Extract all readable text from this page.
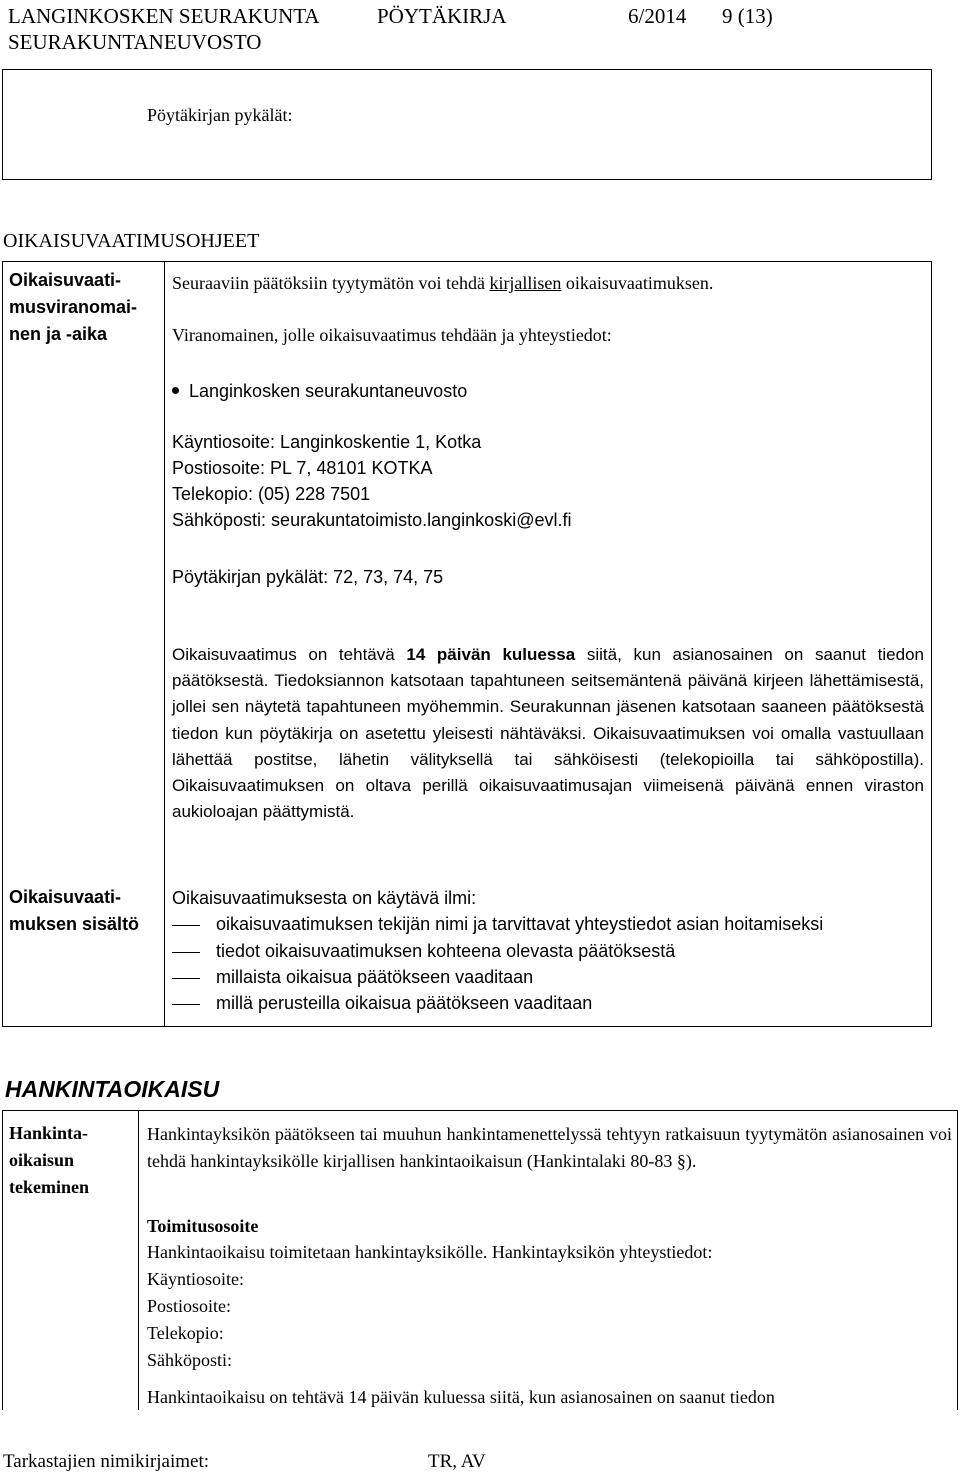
LANGINKOSKEN SEURAKUNTA	PÖYTÄKIRJA	6/2014 9 (13)
SEURAKUNTANEUVOSTO
Pöytäkirjan pykälät:
OIKAISUVAATIMUSOHJEET
Oikaisuvaati-
musviranomai-
nen ja -aika
Seuraaviin päätöksiin tyytymätön voi tehdä kirjallisen oikaisuvaatimuksen.
Viranomainen, jolle oikaisuvaatimus tehdään ja yhteystiedot:
Langinkosken seurakuntaneuvosto
Käyntiosoite: Langinkoskentie 1, Kotka
Postiosoite: PL 7, 48101 KOTKA
Telekopio: (05) 228 7501
Sähköposti: seurakuntatoimisto.langinkoski@evl.fi
Pöytäkirjan pykälät: 72, 73, 74, 75
Oikaisuvaatimus on tehtävä 14 päivän kuluessa siitä, kun asianosainen on saanut tiedon päätöksestä. Tiedoksiannon katsotaan tapahtuneen seitsemäntenä päivänä kirjeen lähettämisestä, jollei sen näytetä tapahtuneen myöhemmin. Seurakunnan jäsenen katsotaan saaneen päätöksestä tiedon kun pöytäkirja on asetettu yleisesti nähtäväksi. Oikaisuvaatimuksen voi omalla vastuullaan lähettää postitse, lähetin välityksellä tai sähköisesti (telekopioilla tai sähköpostilla). Oikaisuvaatimuksen on oltava perillä oikaisuvaatimusajan viimeisenä päivänä ennen viraston aukioloajan päättymistä.
Oikaisuvaati-
muksen sisältö
Oikaisuvaatimuksesta on käytävä ilmi:
oikaisuvaatimuksen tekijän nimi ja tarvittavat yhteystiedot asian hoitamiseksi
tiedot oikaisuvaatimuksen kohteena olevasta päätöksestä
millaista oikaisua päätökseen vaaditaan
millä perusteilla oikaisua päätökseen vaaditaan
HANKINTAOIKAISU
Hankinta-
oikaisun
tekeminen
Hankintayksikön päätökseen tai muuhun hankintamenettelyssä tehtyyn ratkaisuun tyytymätön asianosainen voi tehdä hankintayksikölle kirjallisen hankintaoikaisun (Hankintalaki 80-83 §).
Toimitusosoite
Hankintaoikaisu toimitetaan hankintayksikölle. Hankintayksikön yhteystiedot:
Käyntiosoite:
Postiosoite:
Telekopio:
Sähköposti:
Hankintaoikaisu on tehtävä 14 päivän kuluessa siitä, kun asianosainen on saanut tiedon
Tarkastajien nimikirjaimet:	TR, AV
